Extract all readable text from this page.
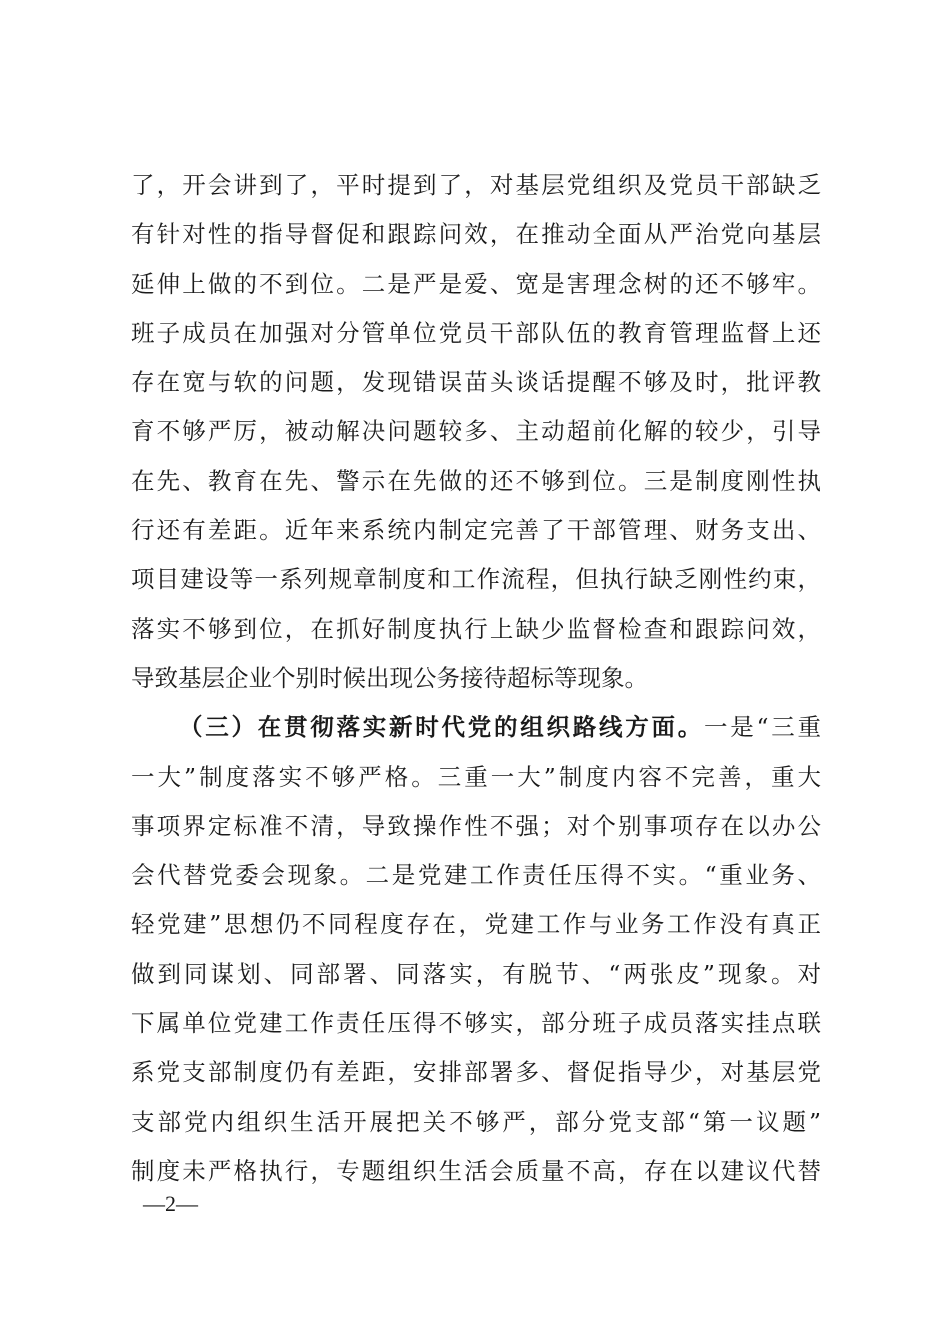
了，开会讲到了，平时提到了，对基层党组织及党员干部缺乏
有针对性的指导督促和跟踪问效，在推动全面从严治党向基层
延伸上做的不到位。二是严是爱、宽是害理念树的还不够牢。
班子成员在加强对分管单位党员干部队伍的教育管理监督上还
存在宽与软的问题，发现错误苗头谈话提醒不够及时，批评教
育不够严厉，被动解决问题较多、主动超前化解的较少，引导
在先、教育在先、警示在先做的还不够到位。三是制度刚性执
行还有差距。近年来系统内制定完善了干部管理、财务支出、
项目建设等一系列规章制度和工作流程，但执行缺乏刚性约束，
落实不够到位，在抓好制度执行上缺少监督检查和跟踪问效，
导致基层企业个别时候出现公务接待超标等现象。
（三）在贯彻落实新时代党的组织路线方面。一是“三重
一大”制度落实不够严格。三重一大”制度内容不完善，重大
事项界定标准不清，导致操作性不强；对个别事项存在以办公
会代替党委会现象。二是党建工作责任压得不实。“重业务、
轻党建”思想仍不同程度存在，党建工作与业务工作没有真正
做到同谋划、同部署、同落实，有脱节、“两张皮”现象。对
下属单位党建工作责任压得不够实，部分班子成员落实挂点联
系党支部制度仍有差距，安排部署多、督促指导少，对基层党
支部党内组织生活开展把关不够严，部分党支部“第一议题”
制度未严格执行，专题组织生活会质量不高，存在以建议代替
—2—
